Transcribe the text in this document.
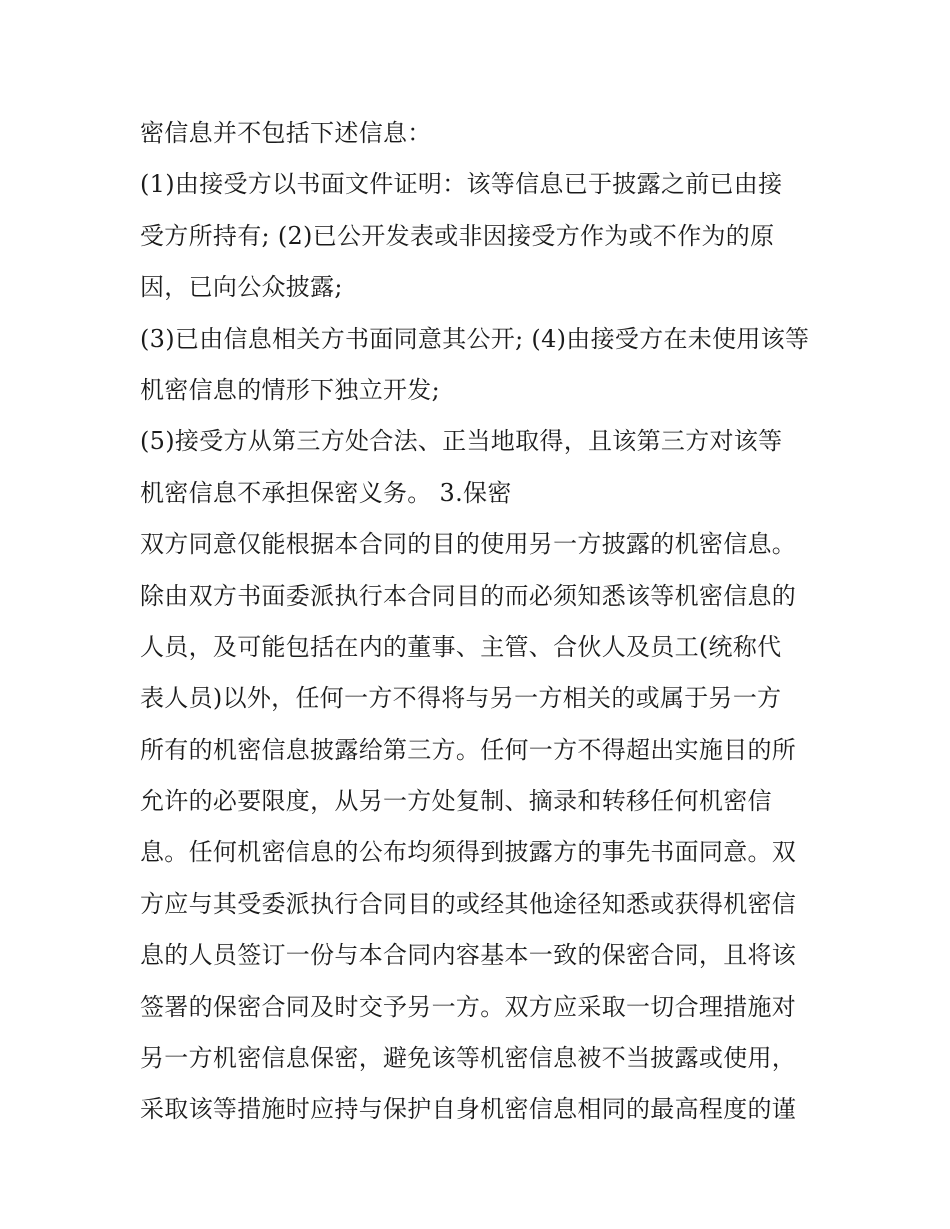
密信息并不包括下述信息：
(1)由接受方以书面文件证明：该等信息已于披露之前已由接
受方所持有; (2)已公开发表或非因接受方作为或不作为的原
因，已向公众披露;
(3)已由信息相关方书面同意其公开; (4)由接受方在未使用该等
机密信息的情形下独立开发;
(5)接受方从第三方处合法、正当地取得，且该第三方对该等
机密信息不承担保密义务。 3.保密
双方同意仅能根据本合同的目的使用另一方披露的机密信息。
除由双方书面委派执行本合同目的而必须知悉该等机密信息的
人员，及可能包括在内的董事、主管、合伙人及员工(统称代
表人员)以外，任何一方不得将与另一方相关的或属于另一方
所有的机密信息披露给第三方。任何一方不得超出实施目的所
允许的必要限度，从另一方处复制、摘录和转移任何机密信
息。任何机密信息的公布均须得到披露方的事先书面同意。双
方应与其受委派执行合同目的或经其他途径知悉或获得机密信
息的人员签订一份与本合同内容基本一致的保密合同，且将该
签署的保密合同及时交予另一方。双方应采取一切合理措施对
另一方机密信息保密，避免该等机密信息被不当披露或使用，
采取该等措施时应持与保护自身机密信息相同的最高程度的谨
